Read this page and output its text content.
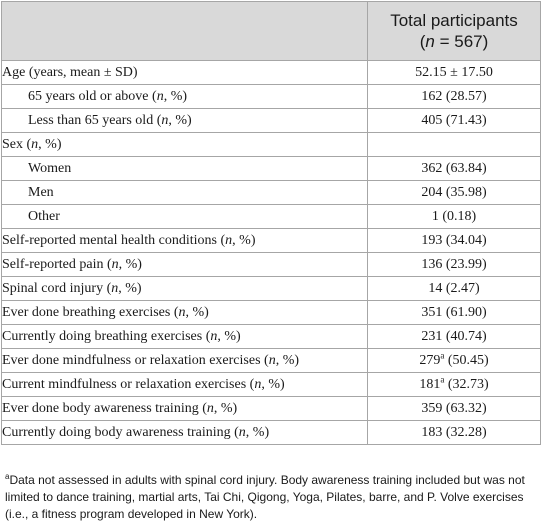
	Total participants
(n = 567)

Age (years, mean ± SD)	52.15 ± 17.50
65 years old or above (n, %)	162 (28.57)
Less than 65 years old (n, %)	405 (71.43)
Sex (n, %)	
Women	362 (63.84)
Men	204 (35.98)
Other	1 (0.18)
Self-reported mental health conditions (n, %)	193 (34.04)
Self-reported pain (n, %)	136 (23.99)
Spinal cord injury (n, %)	14 (2.47)
Ever done breathing exercises (n, %)	351 (61.90)
Currently doing breathing exercises (n, %)	231 (40.74)
Ever done mindfulness or relaxation exercises (n, %)	279$^a$ (50.45)
Current mindfulness or relaxation exercises (n, %)	181$^a$ (32.73)
Ever done body awareness training (n, %)	359 (63.32)
Currently doing body awareness training (n, %)	183 (32.28)
$^a$Data not assessed in adults with spinal cord injury. Body awareness training included but was not limited to dance training, martial arts, Tai Chi, Qigong, Yoga, Pilates, barre, and P. Volve exercises (i.e., a fitness program developed in New York).
